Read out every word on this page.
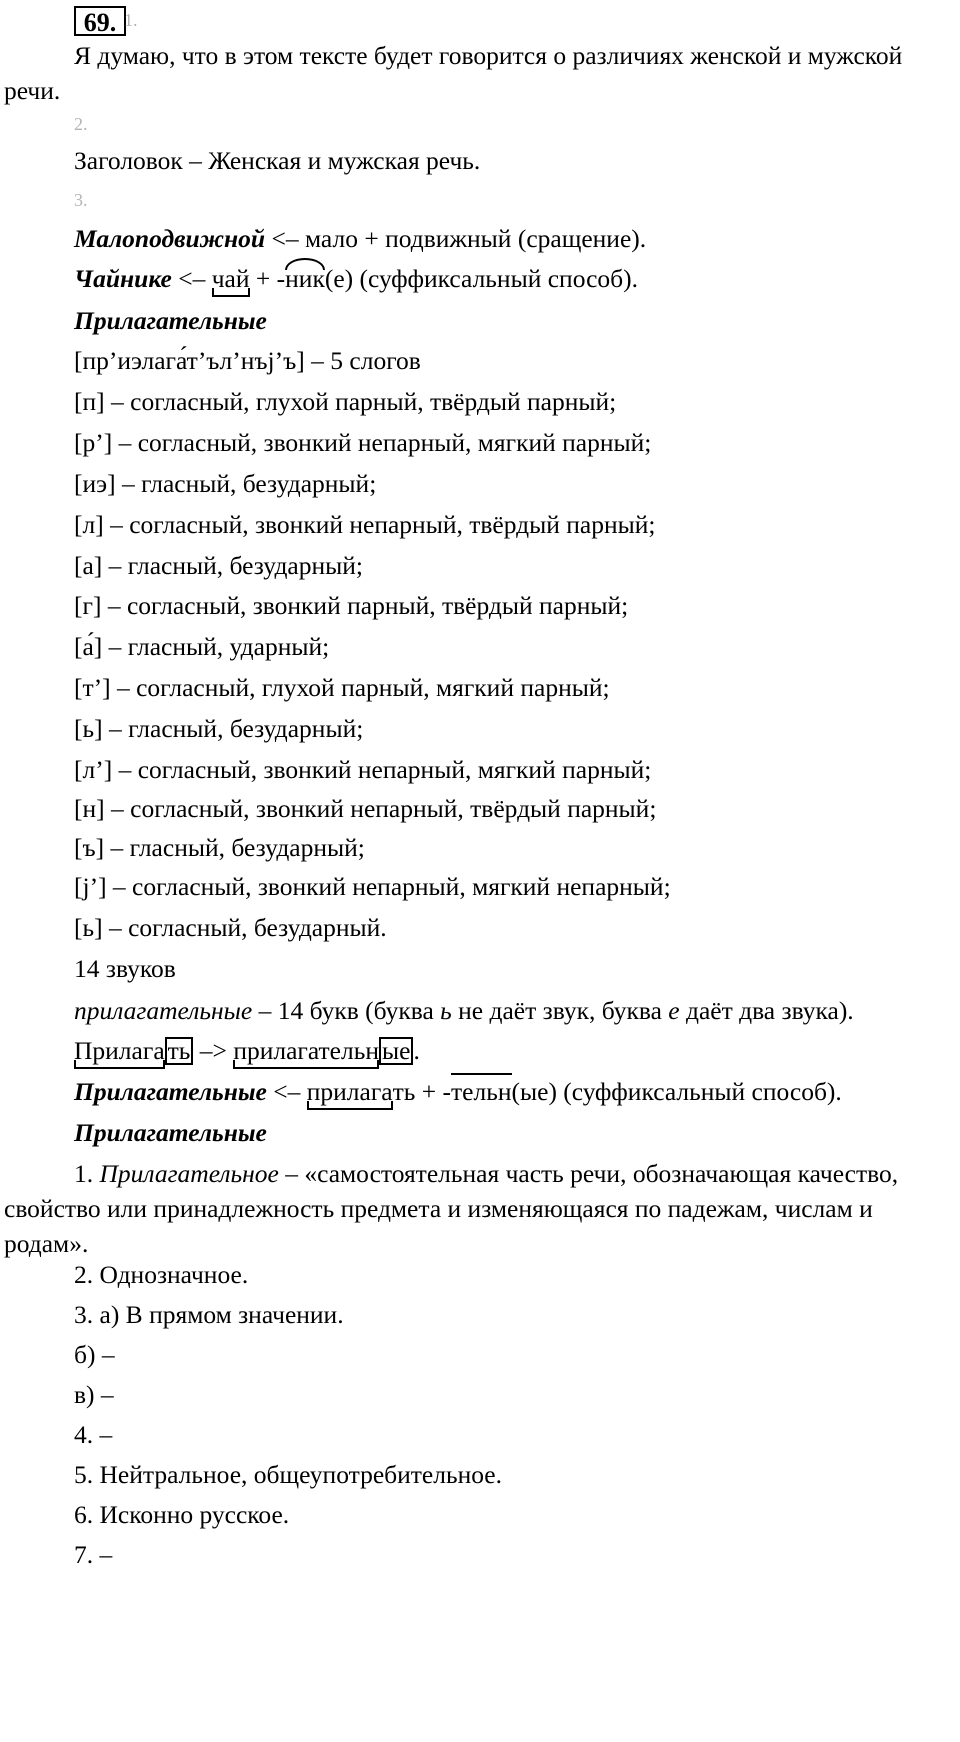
69. 1.
Я думаю, что в этом тексте будет говорится о различиях женской и мужской речи.
2.
Заголовок – Женская и мужская речь.
3.
Малоподвижной <– мало + подвижный (сращение).
Чайнике <– чай + -ник(е) (суффиксальный способ).
Прилагательные
[пр’иэлага́т’ъл’нъj’ъ] – 5 слогов
[п] – согласный, глухой парный, твёрдый парный;
[р’] – согласный, звонкий непарный, мягкий парный;
[иэ] – гласный, безударный;
[л] – согласный, звонкий непарный, твёрдый парный;
[а] – гласный, безударный;
[г] – согласный, звонкий парный, твёрдый парный;
[а́] – гласный, ударный;
[т’] – согласный, глухой парный, мягкий парный;
[ь] – гласный, безударный;
[л’] – согласный, звонкий непарный, мягкий парный;
[н] – согласный, звонкий непарный, твёрдый парный;
[ъ] – гласный, безударный;
[j’] – согласный, звонкий непарный, мягкий непарный;
[ь] – согласный, безударный.
14 звуков
прилагательные – 14 букв (буква ь не даёт звук, буква е даёт два звука).
Прилага ть –> прилагательн ые .
Прилагательные <– прилагать + -тельн(ые) (суффиксальный способ).
Прилагательные
1. Прилагательное – «самостоятельная часть речи, обозначающая качество, свойство или принадлежность предмета и изменяющаяся по падежам, числам и родам».
2. Однозначное.
3. а) В прямом значении.
б) –
в) –
4. –
5. Нейтральное, общеупотребительное.
6. Исконно русское.
7. –
